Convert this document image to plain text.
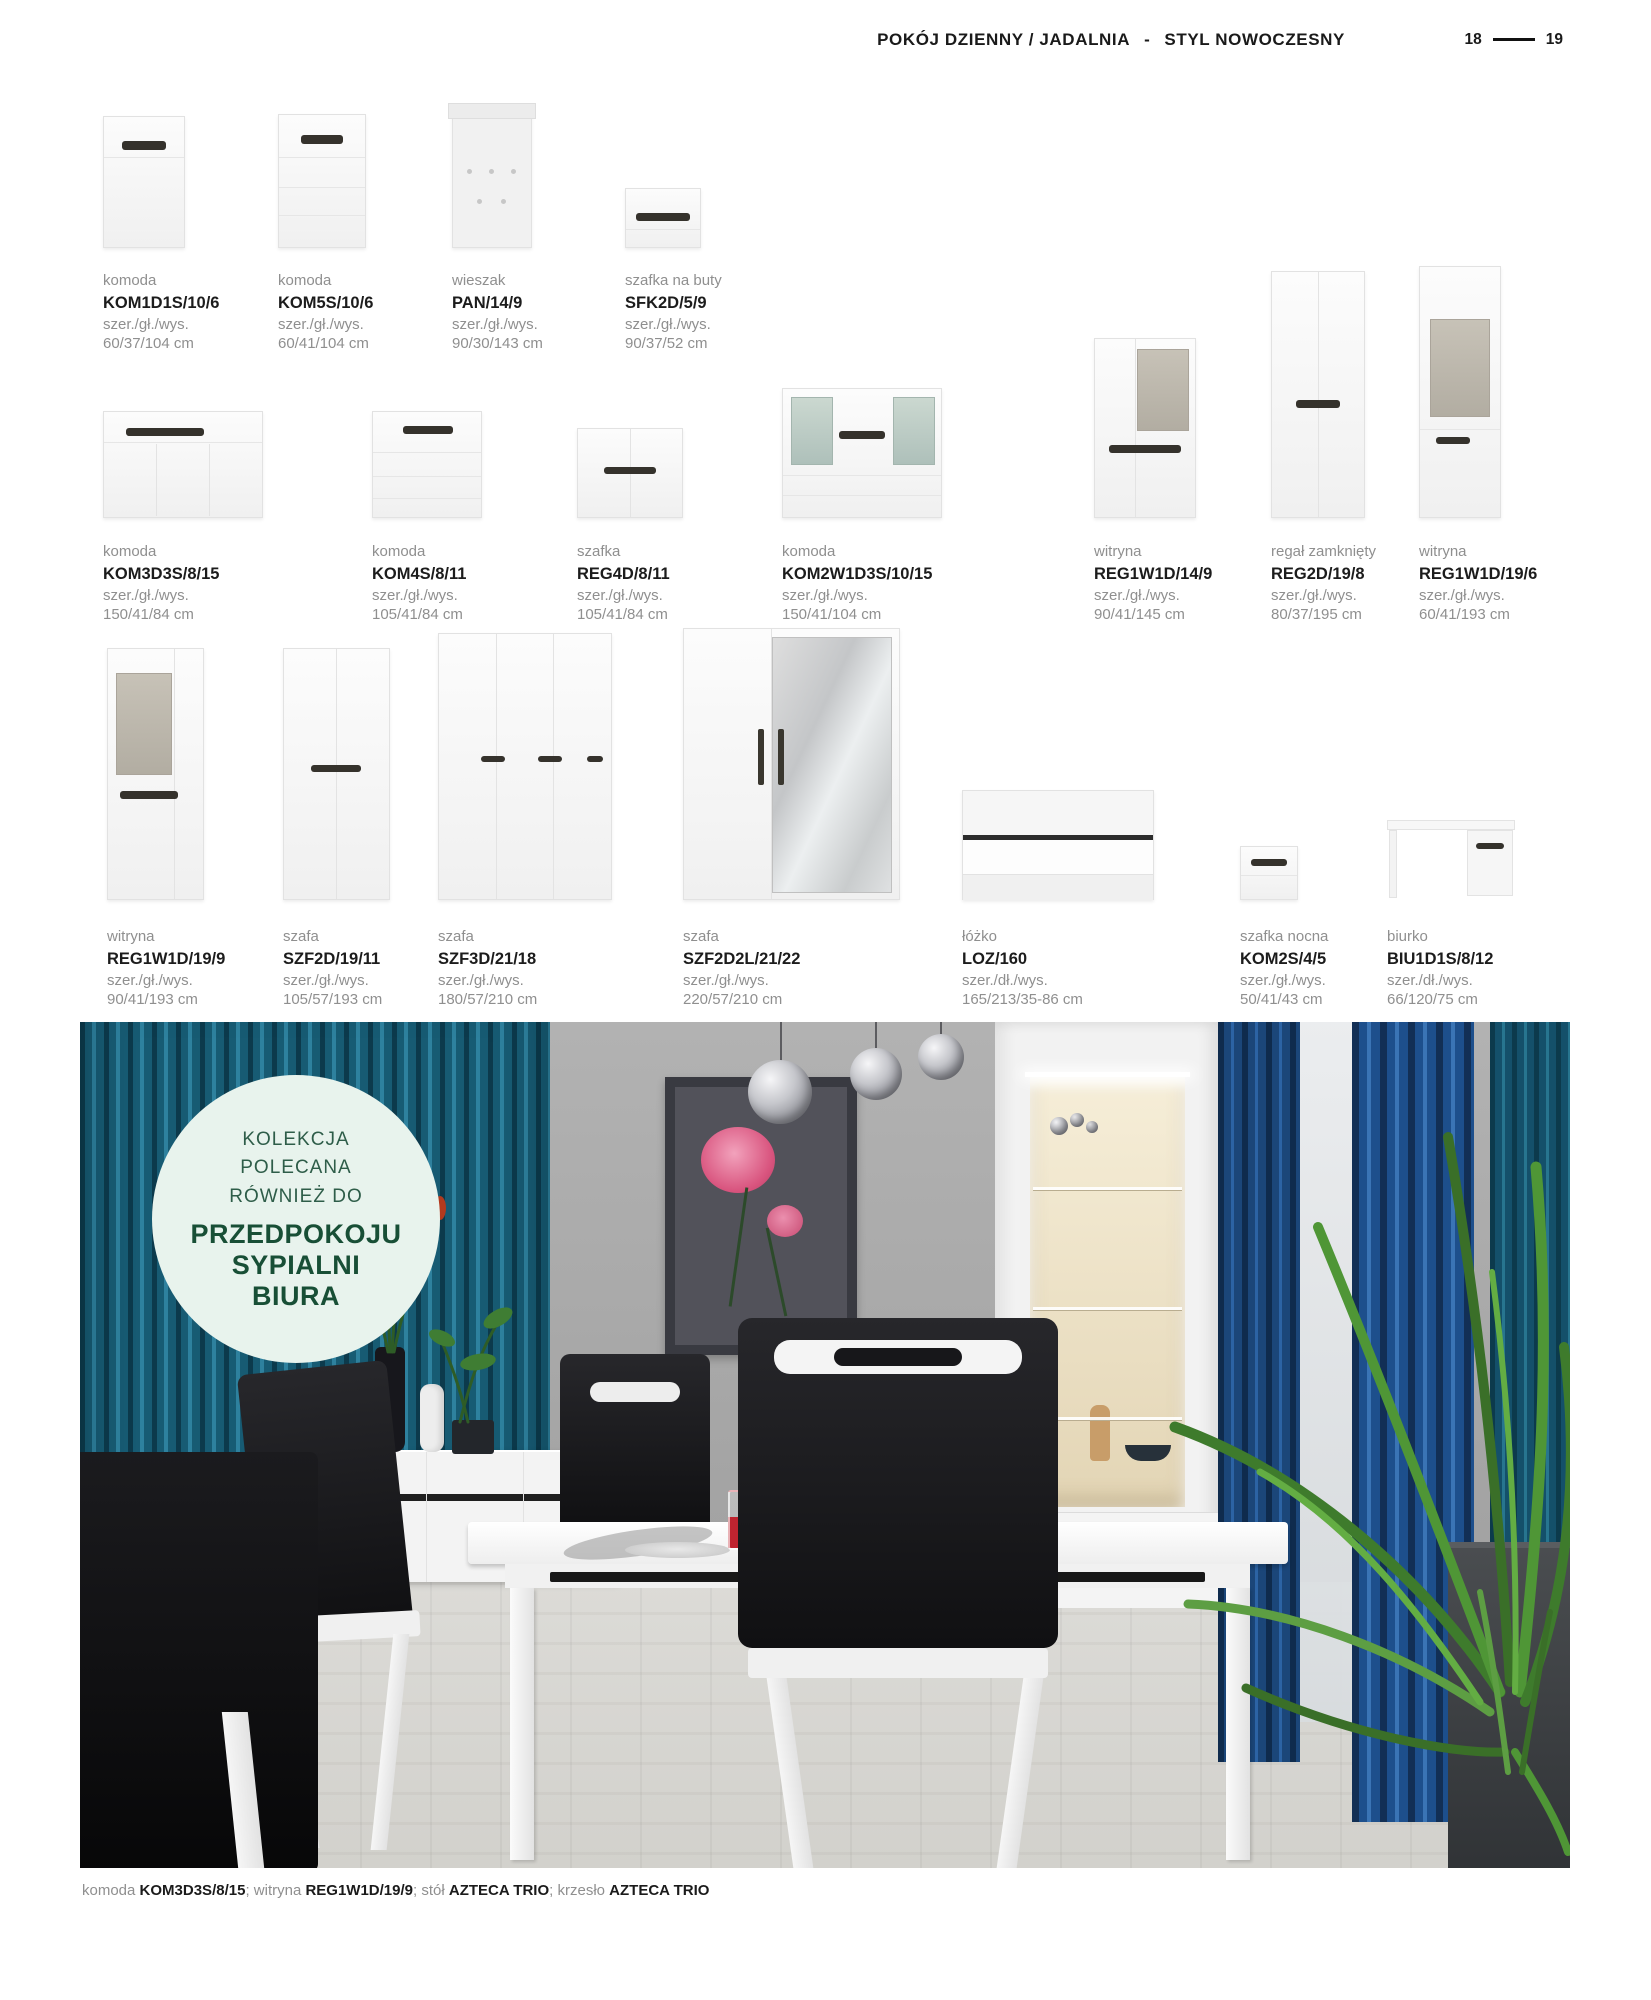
POKÓJ DZIENNY / JADALNIA - STYL NOWOCZESNY	18	19
komoda
KOM1D1S/10/6
szer./gł./wys.
60/37/104 cm
komoda
KOM5S/10/6
szer./gł./wys.
60/41/104 cm
wieszak
PAN/14/9
szer./gł./wys.
90/30/143 cm
szafka na buty
SFK2D/5/9
szer./gł./wys.
90/37/52 cm
komoda
KOM3D3S/8/15
szer./gł./wys.
150/41/84 cm
komoda
KOM4S/8/11
szer./gł./wys.
105/41/84 cm
szafka
REG4D/8/11
szer./gł./wys.
105/41/84 cm
komoda
KOM2W1D3S/10/15
szer./gł./wys.
150/41/104 cm
witryna
REG1W1D/14/9
szer./gł./wys.
90/41/145 cm
regał zamknięty
REG2D/19/8
szer./gł./wys.
80/37/195 cm
witryna
REG1W1D/19/6
szer./gł./wys.
60/41/193 cm
witryna
REG1W1D/19/9
szer./gł./wys.
90/41/193 cm
szafa
SZF2D/19/11
szer./gł./wys.
105/57/193 cm
szafa
SZF3D/21/18
szer./gł./wys.
180/57/210 cm
szafa
SZF2D2L/21/22
szer./gł./wys.
220/57/210 cm
łóżko
LOZ/160
szer./dł./wys.
165/213/35-86 cm
szafka nocna
KOM2S/4/5
szer./gł./wys.
50/41/43 cm
biurko
BIU1D1S/8/12
szer./dł./wys.
66/120/75 cm
KOLEKCJA
POLECANA
RÓWNIEŻ DO
PRZEDPOKOJU
SYPIALNI
BIURA
komoda KOM3D3S/8/15; witryna REG1W1D/19/9; stół AZTECA TRIO; krzesło AZTECA TRIO
